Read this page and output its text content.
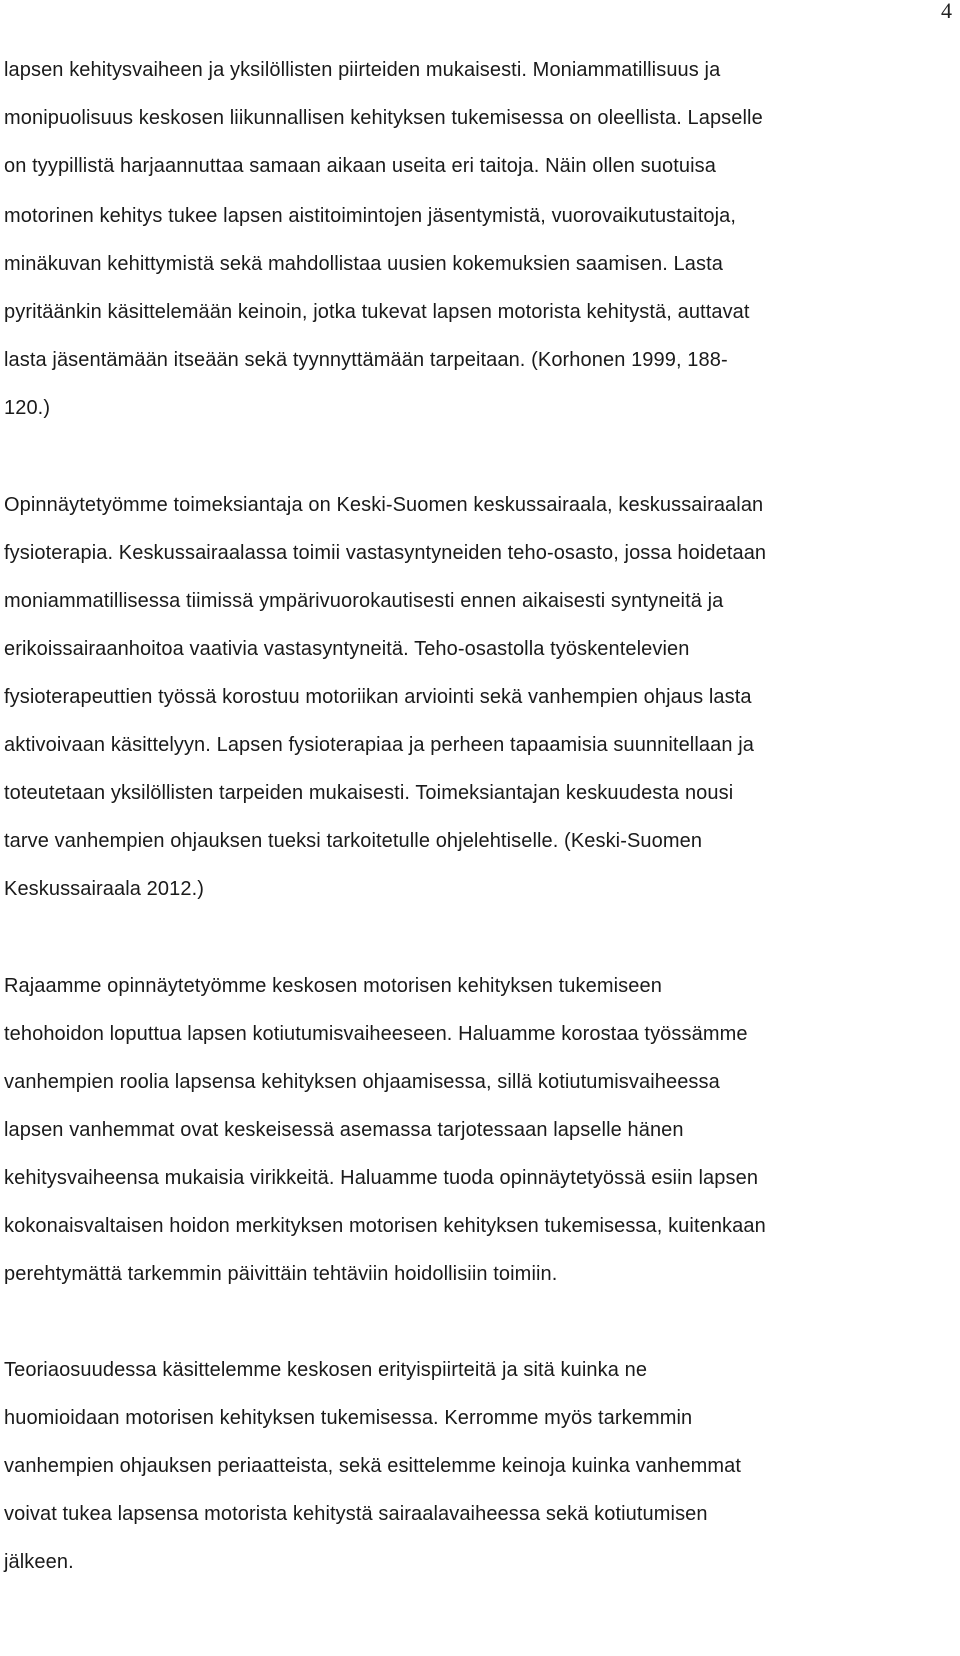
4
lapsen kehitysvaiheen ja yksilöllisten piirteiden mukaisesti. Moniammatillisuus ja
monipuolisuus keskosen liikunnallisen kehityksen tukemisessa on oleellista. Lapselle
on tyypillistä harjaannuttaa samaan aikaan useita eri taitoja. Näin ollen suotuisa
motorinen kehitys tukee lapsen aistitoimintojen jäsentymistä, vuorovaikutustaitoja,
minäkuvan kehittymistä sekä mahdollistaa uusien kokemuksien saamisen. Lasta
pyritäänkin käsittelemään keinoin, jotka tukevat lapsen motorista kehitystä, auttavat
lasta jäsentämään itseään sekä tyynnyttämään tarpeitaan. (Korhonen 1999, 188-
120.)
Opinnäytetyömme toimeksiantaja on Keski-Suomen keskussairaala, keskussairaalan
fysioterapia. Keskussairaalassa toimii vastasyntyneiden teho-osasto, jossa hoidetaan
moniammatillisessa tiimissä ympärivuorokautisesti ennen aikaisesti syntyneitä ja
erikoissairaanhoitoa vaativia vastasyntyneitä. Teho-osastolla työskentelevien
fysioterapeuttien työssä korostuu motoriikan arviointi sekä vanhempien ohjaus lasta
aktivoivaan käsittelyyn. Lapsen fysioterapiaa ja perheen tapaamisia suunnitellaan ja
toteutetaan yksilöllisten tarpeiden mukaisesti. Toimeksiantajan keskuudesta nousi
tarve vanhempien ohjauksen tueksi tarkoitetulle ohjelehtiselle. (Keski-Suomen
Keskussairaala 2012.)
Rajaamme opinnäytetyömme keskosen motorisen kehityksen tukemiseen
tehohoidon loputtua lapsen kotiutumisvaiheeseen. Haluamme korostaa työssämme
vanhempien roolia lapsensa kehityksen ohjaamisessa, sillä kotiutumisvaiheessa
lapsen vanhemmat ovat keskeisessä asemassa tarjotessaan lapselle hänen
kehitysvaiheensa mukaisia virikkeitä. Haluamme tuoda opinnäytetyössä esiin lapsen
kokonaisvaltaisen hoidon merkityksen motorisen kehityksen tukemisessa, kuitenkaan
perehtymättä tarkemmin päivittäin tehtäviin hoidollisiin toimiin.
Teoriaosuudessa käsittelemme keskosen erityispiirteitä ja sitä kuinka ne
huomioidaan motorisen kehityksen tukemisessa. Kerromme myös tarkemmin
vanhempien ohjauksen periaatteista, sekä esittelemme keinoja kuinka vanhemmat
voivat tukea lapsensa motorista kehitystä sairaalavaiheessa sekä kotiutumisen
jälkeen.
